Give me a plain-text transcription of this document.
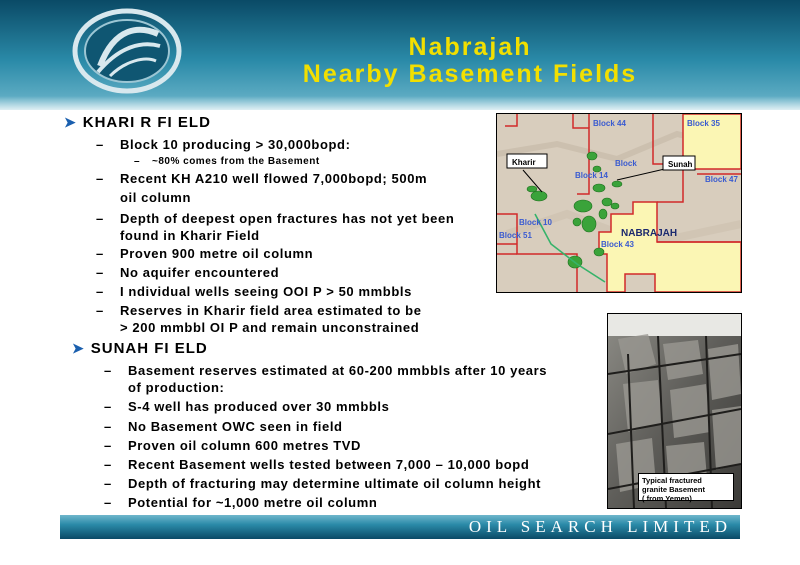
Nabrajah
Nearby Basement Fields
➤ KHARI R FI ELD
– Block 10 producing > 30,000bopd:
– ~80% comes from the Basement
– Recent KH A210 well flowed 7,000bopd; 500m
oil column
– Depth of deepest open fractures has not yet been
found in Kharir Field
– Proven 900 metre oil column
– No aquifer encountered
– I ndividual wells seeing OOI P > 50 mmbbls
– Reserves in Kharir field area estimated to be
> 200 mmbbl OI P and remain unconstrained
➤ SUNAH FI ELD
– Basement reserves estimated at 60-200 mmbbls after 10 years
of production:
– S-4 well has produced over 30 mmbbls
– No Basement OWC seen in field
– Proven oil column 600 metres TVD
– Recent Basement wells tested between 7,000 – 10,000 bopd
– Depth of fracturing may determine ultimate oil column height
– Potential for ~1,000 metre oil column
Block 44	Block 35
Block 47
Block 10
Block 51
Block 43
Block 14
Block
NABRAJAH
Kharir	Sunah
Typical fractured
granite Basement
( from Yemen)
OIL SEARCH LIMITED
